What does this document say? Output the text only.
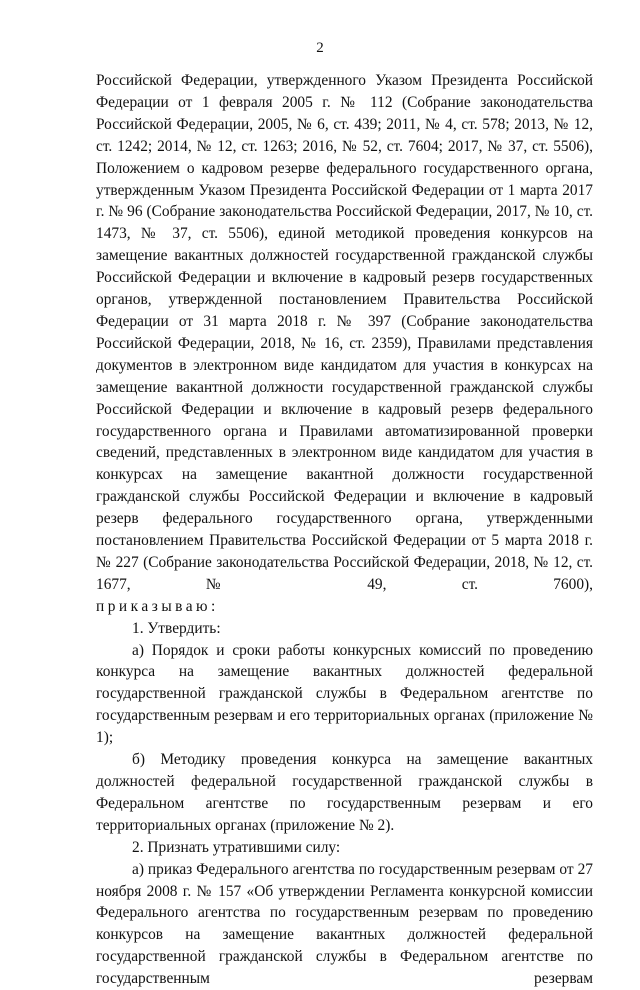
2

Российской Федерации, утвержденного Указом Президента Российской Федерации от 1 февраля 2005 г. № 112 (Собрание законодательства Российской Федерации, 2005, № 6, ст. 439; 2011, № 4, ст. 578; 2013, № 12, ст. 1242; 2014, № 12, ст. 1263; 2016, № 52, ст. 7604; 2017, № 37, ст. 5506), Положением о кадровом резерве федерального государственного органа, утвержденным Указом Президента Российской Федерации от 1 марта 2017 г. № 96 (Собрание законодательства Российской Федерации, 2017, № 10, ст. 1473, № 37, ст. 5506), единой методикой проведения конкурсов на замещение вакантных должностей государственной гражданской службы Российской Федерации и включение в кадровый резерв государственных органов, утвержденной постановлением Правительства Российской Федерации от 31 марта 2018 г. № 397 (Собрание законодательства Российской Федерации, 2018, № 16, ст. 2359), Правилами представления документов в электронном виде кандидатом для участия в конкурсах на замещение вакантной должности государственной гражданской службы Российской Федерации и включение в кадровый резерв федерального государственного органа и Правилами автоматизированной проверки сведений, представленных в электронном виде кандидатом для участия в конкурсах на замещение вакантной должности государственной гражданской службы Российской Федерации и включение в кадровый резерв федерального государственного органа, утвержденными постановлением Правительства Российской Федерации от 5 марта 2018 г. № 227 (Собрание законодательства Российской Федерации, 2018, № 12, ст. 1677, № 49, ст. 7600),

приказываю:

1. Утвердить:

а) Порядок и сроки работы конкурсных комиссий по проведению конкурса на замещение вакантных должностей федеральной государственной гражданской службы в Федеральном агентстве по государственным резервам и его территориальных органах (приложение № 1);

б) Методику проведения конкурса на замещение вакантных должностей федеральной государственной гражданской службы в Федеральном агентстве по государственным резервам и его территориальных органах (приложение № 2).

2. Признать утратившими силу:

а) приказ Федерального агентства по государственным резервам от 27 ноября 2008 г. № 157 «Об утверждении Регламента конкурсной комиссии Федерального агентства по государственным резервам по проведению конкурсов на замещение вакантных должностей федеральной государственной гражданской службы в Федеральном агентстве по государственным резервам
